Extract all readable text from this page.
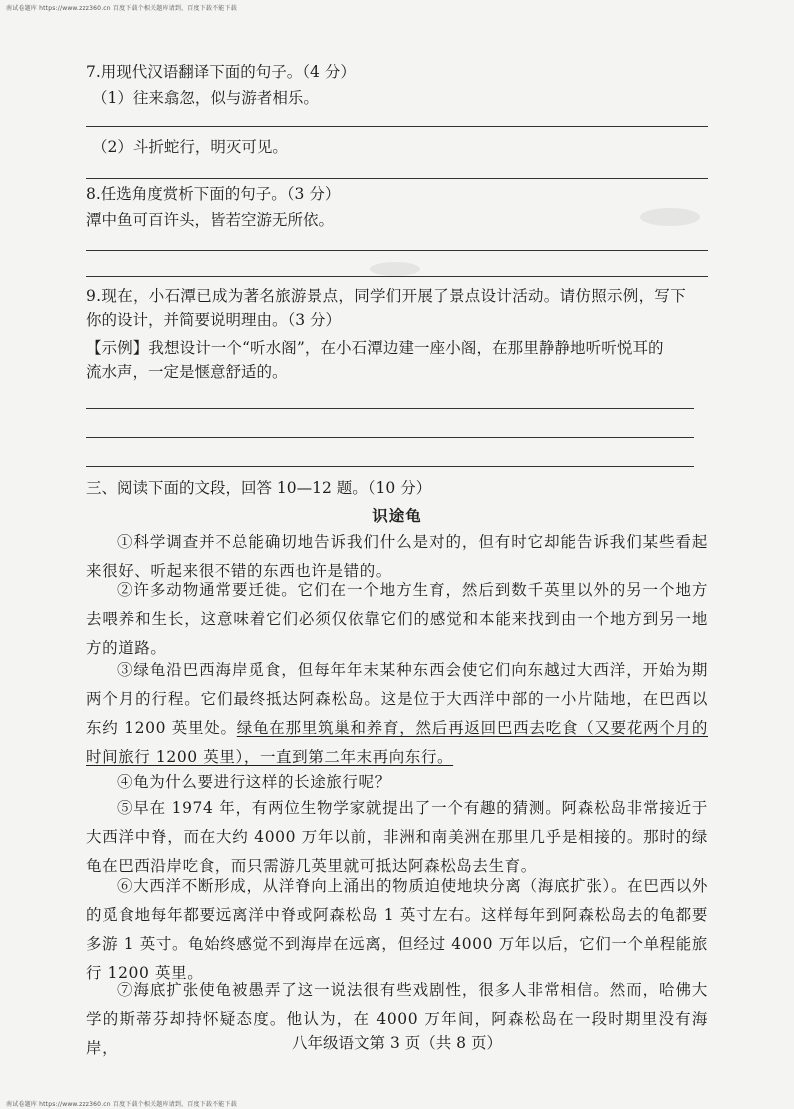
南试卷题库 https://www.zzz360.cn 百度下载个相关题库请到，百度下载不能下载
7.用现代汉语翻译下面的句子。（4 分）
（1）往来翕忽，似与游者相乐。
（2）斗折蛇行，明灭可见。
8.任选角度赏析下面的句子。（3 分）
潭中鱼可百许头，皆若空游无所依。
9.现在，小石潭已成为著名旅游景点，同学们开展了景点设计活动。请仿照示例，写下
你的设计，并简要说明理由。（3 分）
【示例】我想设计一个“听水阁”，在小石潭边建一座小阁，在那里静静地听听悦耳的
流水声，一定是惬意舒适的。
三、阅读下面的文段，回答 10—12 题。（10 分）
识途龟
①科学调查并不总能确切地告诉我们什么是对的，但有时它却能告诉我们某些看起来很好、听起来很不错的东西也许是错的。
②许多动物通常要迁徙。它们在一个地方生育，然后到数千英里以外的另一个地方去喂养和生长，这意味着它们必须仅依靠它们的感觉和本能来找到由一个地方到另一地方的道路。
③绿龟沿巴西海岸觅食，但每年年末某种东西会使它们向东越过大西洋，开始为期两个月的行程。它们最终抵达阿森松岛。这是位于大西洋中部的一小片陆地，在巴西以东约 1200 英里处。绿龟在那里筑巢和养育，然后再返回巴西去吃食（又要花两个月的时间旅行 1200 英里），一直到第二年末再向东行。
④龟为什么要进行这样的长途旅行呢？
⑤早在 1974 年，有两位生物学家就提出了一个有趣的猜测。阿森松岛非常接近于大西洋中脊，而在大约 4000 万年以前，非洲和南美洲在那里几乎是相接的。那时的绿龟在巴西沿岸吃食，而只需游几英里就可抵达阿森松岛去生育。
⑥大西洋不断形成，从洋脊向上涌出的物质迫使地块分离（海底扩张）。在巴西以外的觅食地每年都要远离洋中脊或阿森松岛 1 英寸左右。这样每年到阿森松岛去的龟都要多游 1 英寸。龟始终感觉不到海岸在远离，但经过 4000 万年以后，它们一个单程能旅行 1200 英里。
⑦海底扩张使龟被愚弄了这一说法很有些戏剧性，很多人非常相信。然而，哈佛大学的斯蒂芬却持怀疑态度。他认为，在 4000 万年间，阿森松岛在一段时期里没有海岸，	八年级语文第 3 页（共 8 页）
南试卷题库 https://www.zzz360.cn 百度下载个相关题库请到，百度下载不能下载
